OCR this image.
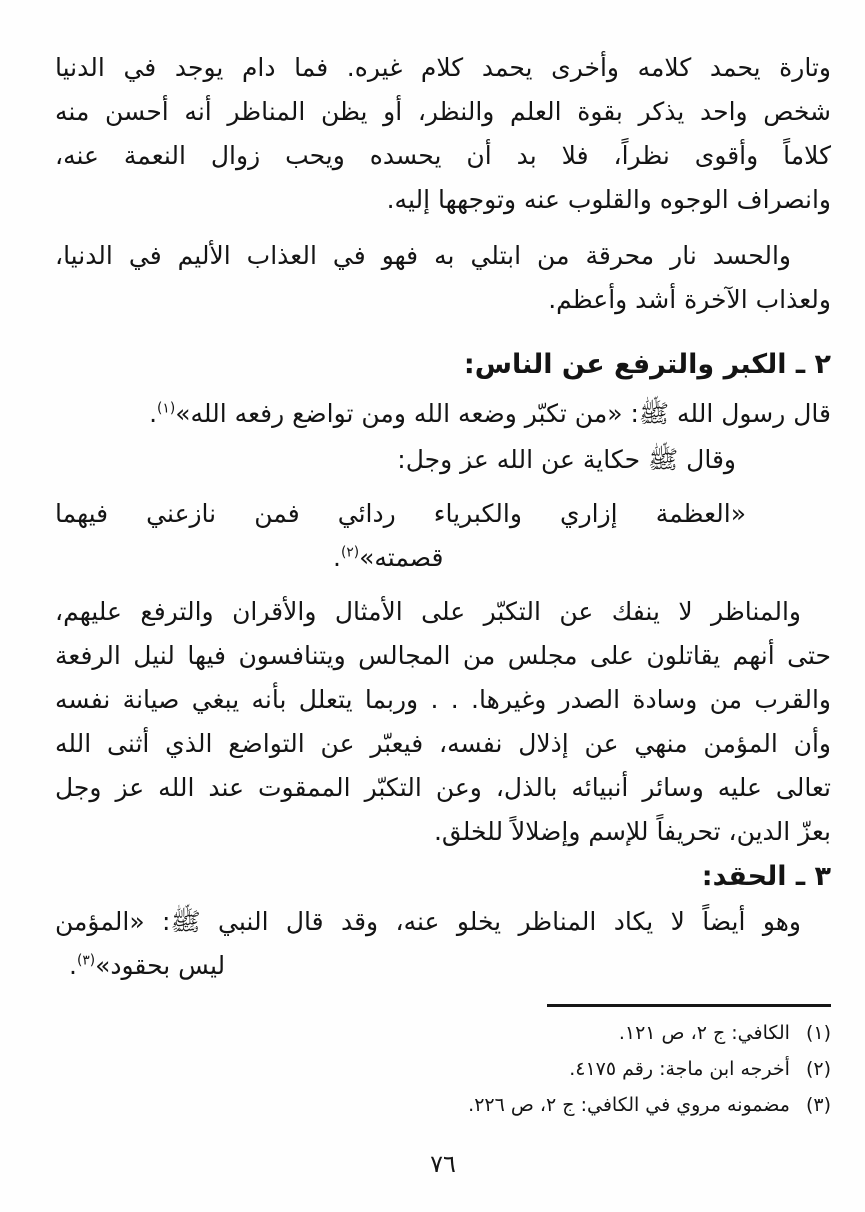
وتارة يحمد كلامه وأخرى يحمد كلام غيره. فما دام يوجد في الدنيا
شخص واحد يذكر بقوة العلم والنظر، أو يظن المناظر أنه أحسن منه
كلاماً وأقوى نظراً، فلا بد أن يحسده ويحب زوال النعمة عنه،
وانصراف الوجوه والقلوب عنه وتوجهها إليه.
والحسد نار محرقة من ابتلي به فهو في العذاب الأليم في الدنيا،
ولعذاب الآخرة أشد وأعظم.
٢ ـ الكبر والترفع عن الناس:
قال رسول الله ﷺ: «من تكبّر وضعه الله ومن تواضع رفعه الله»$^{(١)}$.
وقال ﷺ حكاية عن الله عز وجل:
«العظمة إزاري والكبرياء ردائي فمن نازعني فيهما
قصمته»$^{(٢)}$.
والمناظر لا ينفك عن التكبّر على الأمثال والأقران والترفع عليهم،
حتى أنهم يقاتلون على مجلس من المجالس ويتنافسون فيها لنيل الرفعة
والقرب من وسادة الصدر وغيرها. . . وربما يتعلل بأنه يبغي صيانة نفسه
وأن المؤمن منهي عن إذلال نفسه، فيعبّر عن التواضع الذي أثنى الله
تعالى عليه وسائر أنبيائه بالذل، وعن التكبّر الممقوت عند الله عز وجل
بعزّ الدين، تحريفاً للإسم وإضلالاً للخلق.
٣ ـ الحقد:
وهو أيضاً لا يكاد المناظر يخلو عنه، وقد قال النبي ﷺ: «المؤمن
ليس بحقود»$^{(٣)}$.
(١)
الكافي: ج ٢، ص ١٢١.
(٢)
أخرجه ابن ماجة: رقم ٤١٧٥.
(٣)
مضمونه مروي في الكافي: ج ٢، ص ٢٢٦.
٧٦
